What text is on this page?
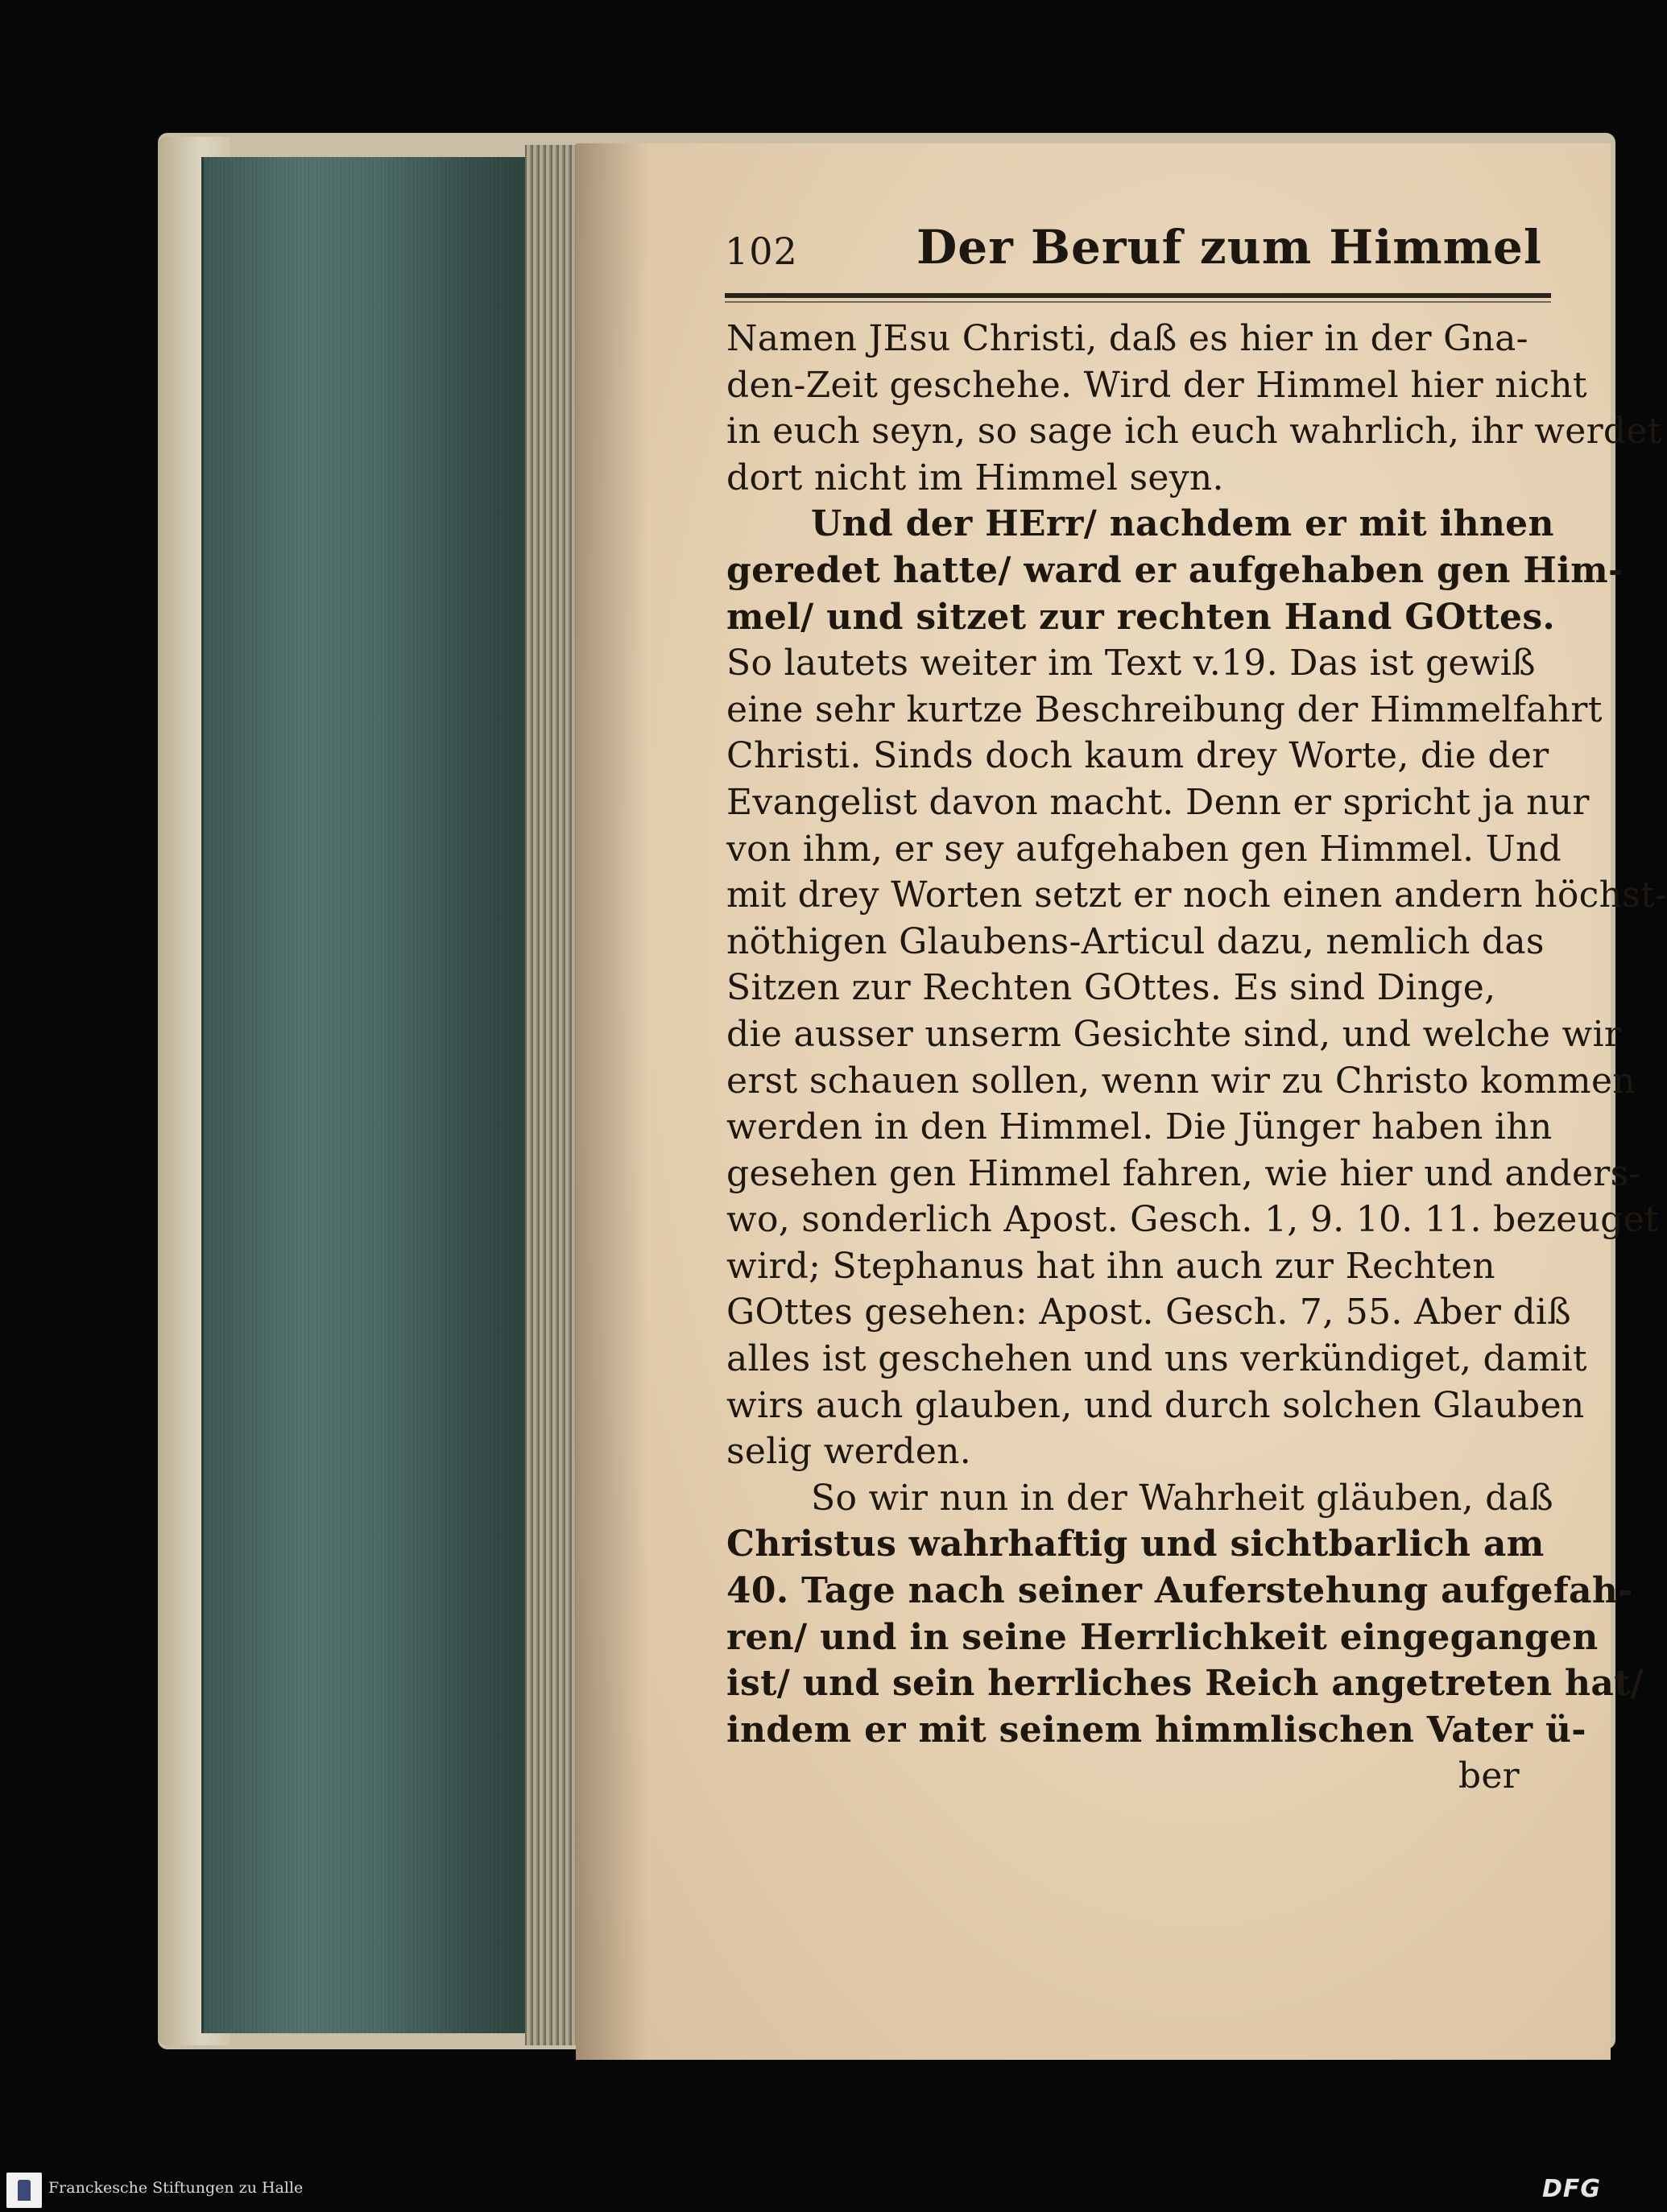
102	Der Beruf zum Himmel
Namen JEsu Christi, daß es hier in der Gna-
den-Zeit geschehe. Wird der Himmel hier nicht
in euch seyn, so sage ich euch wahrlich, ihr werdet
dort nicht im Himmel seyn.
Und der HErr/ nachdem er mit ihnen
geredet hatte/ ward er aufgehaben gen Him-
mel/ und sitzet zur rechten Hand GOttes.
So lautets weiter im Text v.19. Das ist gewiß
eine sehr kurtze Beschreibung der Himmelfahrt
Christi. Sinds doch kaum drey Worte, die der
Evangelist davon macht. Denn er spricht ja nur
von ihm, er sey aufgehaben gen Himmel. Und
mit drey Worten setzt er noch einen andern höchst-
nöthigen Glaubens-Articul dazu, nemlich das
Sitzen zur Rechten GOttes. Es sind Dinge,
die ausser unserm Gesichte sind, und welche wir
erst schauen sollen, wenn wir zu Christo kommen
werden in den Himmel. Die Jünger haben ihn
gesehen gen Himmel fahren, wie hier und anders-
wo, sonderlich Apost. Gesch. 1, 9. 10. 11. bezeuget
wird; Stephanus hat ihn auch zur Rechten
GOttes gesehen: Apost. Gesch. 7, 55. Aber diß
alles ist geschehen und uns verkündiget, damit
wirs auch glauben, und durch solchen Glauben
selig werden.
So wir nun in der Wahrheit gläuben, daß
Christus wahrhaftig und sichtbarlich am
40. Tage nach seiner Auferstehung aufgefah-
ren/ und in seine Herrlichkeit eingegangen
ist/ und sein herrliches Reich angetreten hat/
indem er mit seinem himmlischen Vater ü-
ber
Franckesche Stiftungen zu Halle	DFG
